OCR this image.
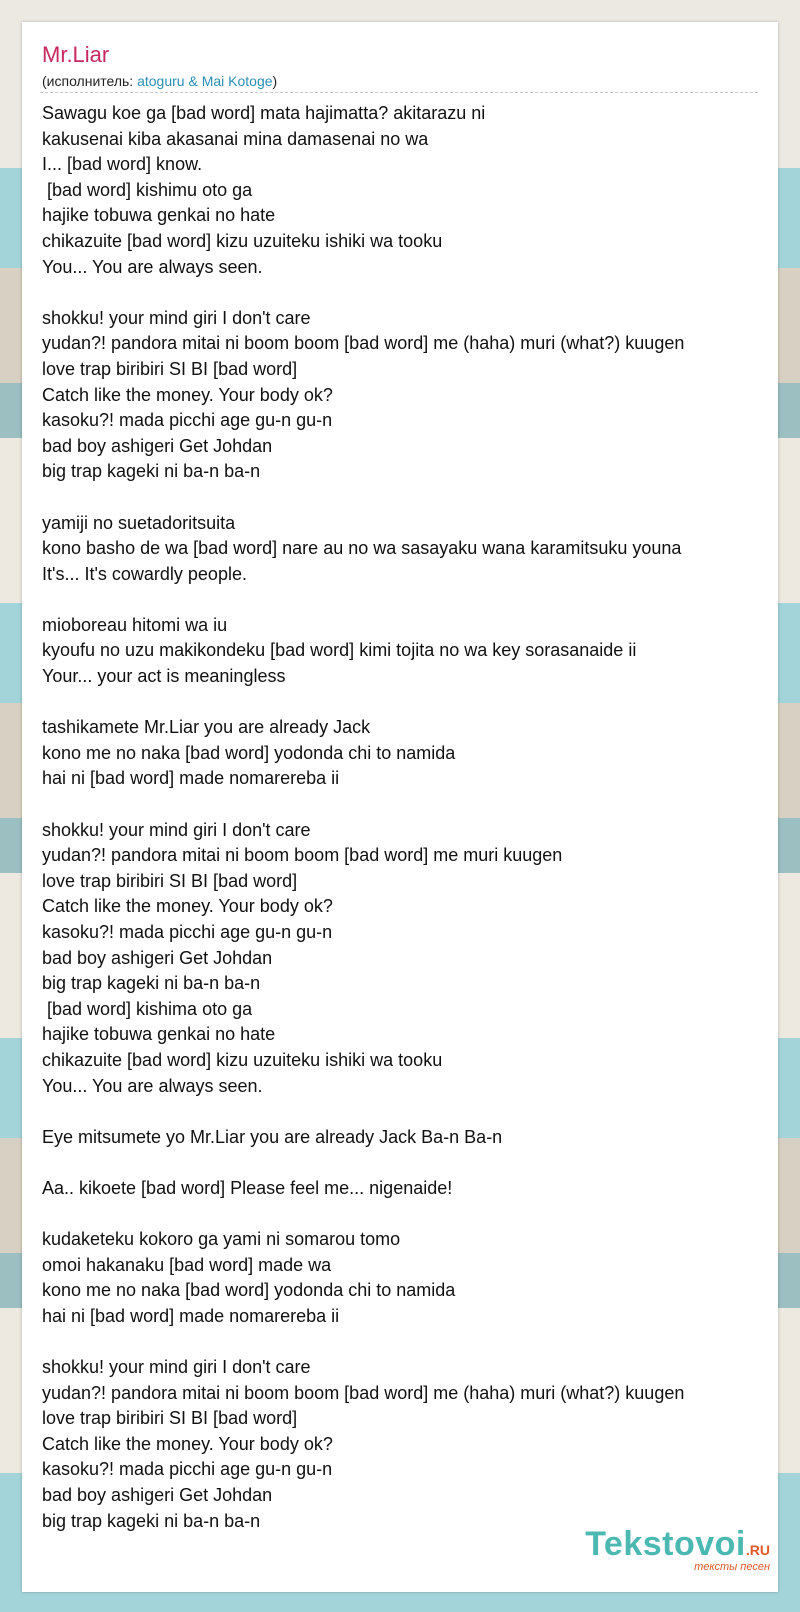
Mr.Liar
(исполнитель: atoguru & Mai Kotoge)
Sawagu koe ga [bad word] mata hajimatta? akitarazu ni
kakusenai kiba akasanai mina damasenai no wa
I... [bad word] know.
[bad word] kishimu oto ga
hajike tobuwa genkai no hate
chikazuite [bad word] kizu uzuiteku ishiki wa tooku
You... You are always seen.
shokku! your mind giri I don't care
yudan?! pandora mitai ni boom boom [bad word] me (haha) muri (what?) kuugen
love trap biribiri SI BI [bad word]
Catch like the money. Your body ok?
kasoku?! mada picchi age gu-n gu-n
bad boy ashigeri Get Johdan
big trap kageki ni ba-n ba-n
yamiji no suetadoritsuita
kono basho de wa [bad word] nare au no wa sasayaku wana karamitsuku youna
It's... It's cowardly people.
mioboreau hitomi wa iu
kyoufu no uzu makikondeku [bad word] kimi tojita no wa key sorasanaide ii
Your... your act is meaningless
tashikamete Mr.Liar you are already Jack
kono me no naka [bad word] yodonda chi to namida
hai ni [bad word] made nomarereba ii
shokku! your mind giri I don't care
yudan?! pandora mitai ni boom boom [bad word] me muri kuugen
love trap biribiri SI BI [bad word]
Catch like the money. Your body ok?
kasoku?! mada picchi age gu-n gu-n
bad boy ashigeri Get Johdan
big trap kageki ni ba-n ba-n
[bad word] kishima oto ga
hajike tobuwa genkai no hate
chikazuite [bad word] kizu uzuiteku ishiki wa tooku
You... You are always seen.
Eye mitsumete yo Mr.Liar you are already Jack Ba-n Ba-n
Aa.. kikoete [bad word] Please feel me... nigenaide!
kudaketeku kokoro ga yami ni somarou tomo
omoi hakanaku [bad word] made wa
kono me no naka [bad word] yodonda chi to namida
hai ni [bad word] made nomarereba ii
shokku! your mind giri I don't care
yudan?! pandora mitai ni boom boom [bad word] me (haha) muri (what?) kuugen
love trap biribiri SI BI [bad word]
Catch like the money. Your body ok?
kasoku?! mada picchi age gu-n gu-n
bad boy ashigeri Get Johdan
big trap kageki ni ba-n ba-n
Tekstovoi.RU
тексты песен
